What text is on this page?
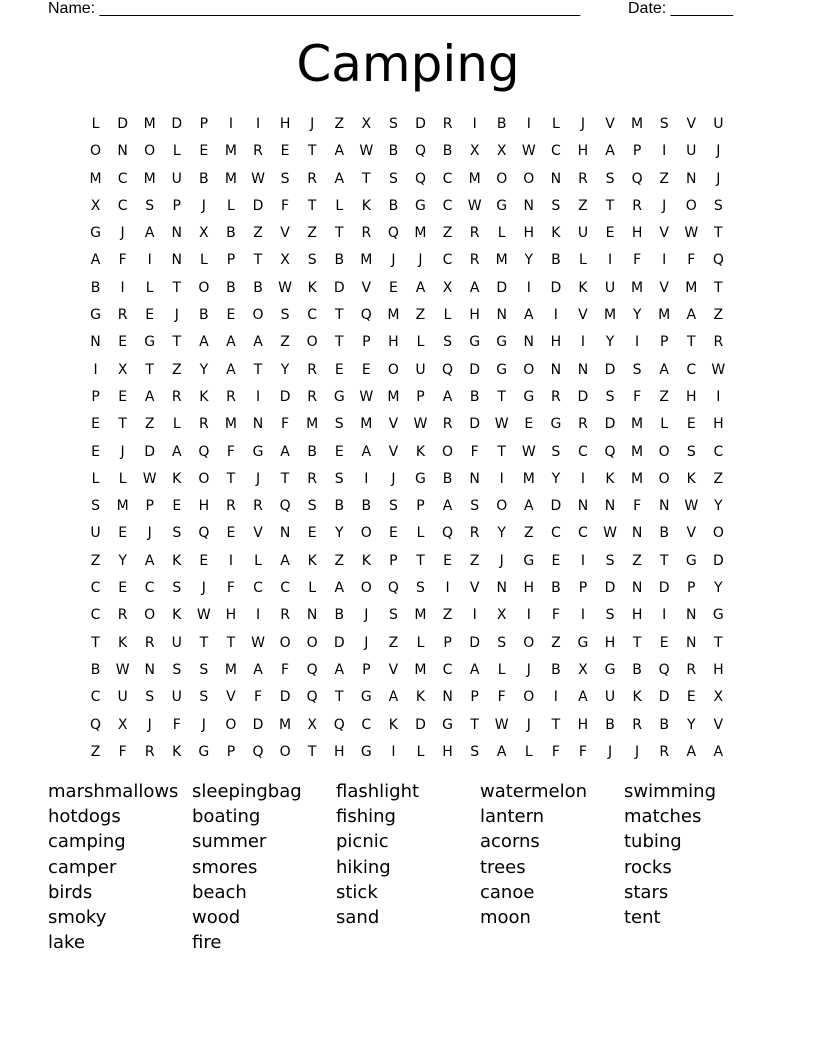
Name: ______________________________________________________	Date: _______
Camping
L	D	M	D	P	I	I	H	J	Z	X	S	D	R	I	B	I	L	J	V	M	S	V	U
O	N	O	L	E	M	R	E	T	A	W	B	Q	B	X	X	W	C	H	A	P	I	U	J
M	C	M	U	B	M	W	S	R	A	T	S	Q	C	M	O	O	N	R	S	Q	Z	N	J
X	C	S	P	J	L	D	F	T	L	K	B	G	C	W	G	N	S	Z	T	R	J	O	S
G	J	A	N	X	B	Z	V	Z	T	R	Q	M	Z	R	L	H	K	U	E	H	V	W	T
A	F	I	N	L	P	T	X	S	B	M	J	J	C	R	M	Y	B	L	I	F	I	F	Q
B	I	L	T	O	B	B	W	K	D	V	E	A	X	A	D	I	D	K	U	M	V	M	T
G	R	E	J	B	E	O	S	C	T	Q	M	Z	L	H	N	A	I	V	M	Y	M	A	Z
N	E	G	T	A	A	A	Z	O	T	P	H	L	S	G	G	N	H	I	Y	I	P	T	R
I	X	T	Z	Y	A	T	Y	R	E	E	O	U	Q	D	G	O	N	N	D	S	A	C	W
P	E	A	R	K	R	I	D	R	G	W	M	P	A	B	T	G	R	D	S	F	Z	H	I
E	T	Z	L	R	M	N	F	M	S	M	V	W	R	D	W	E	G	R	D	M	L	E	H
E	J	D	A	Q	F	G	A	B	E	A	V	K	O	F	T	W	S	C	Q	M	O	S	C
L	L	W	K	O	T	J	T	R	S	I	J	G	B	N	I	M	Y	I	K	M	O	K	Z
S	M	P	E	H	R	R	Q	S	B	B	S	P	A	S	O	A	D	N	N	F	N	W	Y
U	E	J	S	Q	E	V	N	E	Y	O	E	L	Q	R	Y	Z	C	C	W	N	B	V	O
Z	Y	A	K	E	I	L	A	K	Z	K	P	T	E	Z	J	G	E	I	S	Z	T	G	D
C	E	C	S	J	F	C	C	L	A	O	Q	S	I	V	N	H	B	P	D	N	D	P	Y
C	R	O	K	W	H	I	R	N	B	J	S	M	Z	I	X	I	F	I	S	H	I	N	G
T	K	R	U	T	T	W	O	O	D	J	Z	L	P	D	S	O	Z	G	H	T	E	N	T
B	W	N	S	S	M	A	F	Q	A	P	V	M	C	A	L	J	B	X	G	B	Q	R	H
C	U	S	U	S	V	F	D	Q	T	G	A	K	N	P	F	O	I	A	U	K	D	E	X
Q	X	J	F	J	O	D	M	X	Q	C	K	D	G	T	W	J	T	H	B	R	B	Y	V
Z	F	R	K	G	P	Q	O	T	H	G	I	L	H	S	A	L	F	F	J	J	R	A	A
marshmallows
hotdogs
camping
camper
birds
smoky
lake
sleepingbag
boating
summer
smores
beach
wood
fire
flashlight
fishing
picnic
hiking
stick
sand
watermelon
lantern
acorns
trees
canoe
moon
swimming
matches
tubing
rocks
stars
tent
